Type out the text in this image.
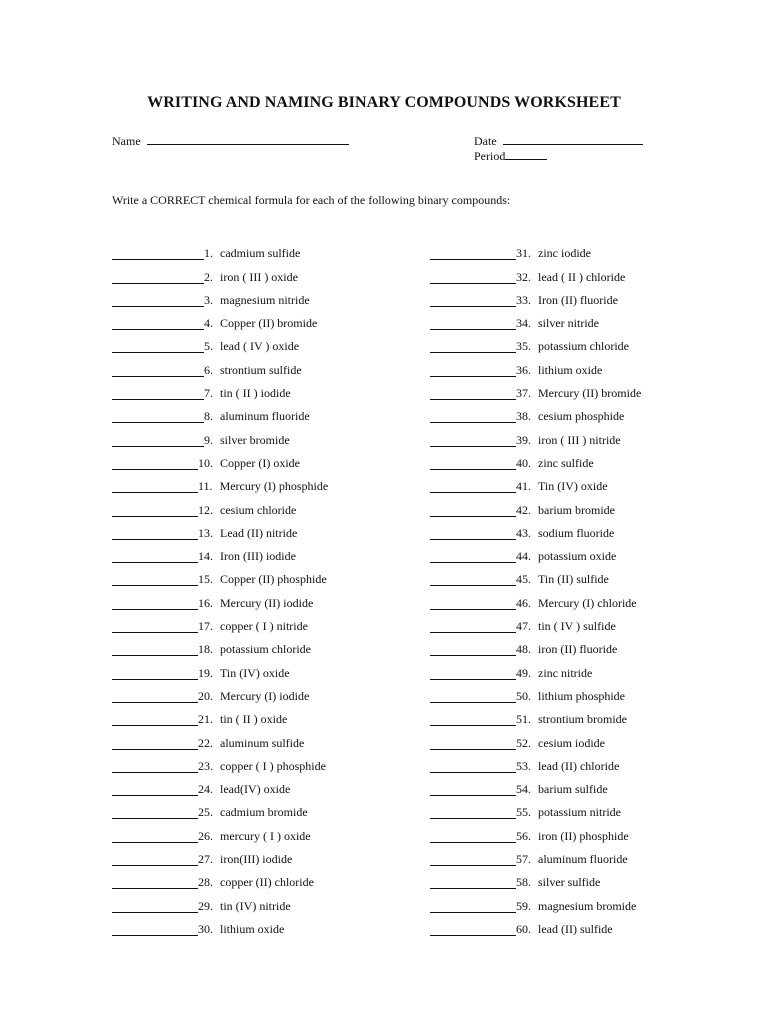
WRITING AND NAMING BINARY COMPOUNDS WORKSHEET
Name	Date
Period
Write a CORRECT chemical formula for each of the following binary compounds:
1. cadmium sulfide
2. iron ( III ) oxide
3. magnesium nitride
4. Copper (II) bromide
5. lead ( IV ) oxide
6. strontium sulfide
7. tin ( II ) iodide
8. aluminum fluoride
9. silver bromide
10. Copper (I) oxide
11. Mercury (I) phosphide
12. cesium chloride
13. Lead (II) nitride
14. Iron (III) iodide
15. Copper (II) phosphide
16. Mercury (II) iodide
17. copper ( I ) nitride
18. potassium chloride
19. Tin (IV) oxide
20. Mercury (I) iodide
21. tin ( II ) oxide
22. aluminum sulfide
23. copper ( I ) phosphide
24. lead(IV) oxide
25. cadmium bromide
26. mercury ( I ) oxide
27. iron(III) iodide
28. copper (II) chloride
29. tin (IV) nitride
30. lithium oxide
31. zinc iodide
32. lead ( II ) chloride
33. Iron (II) fluoride
34. silver nitride
35. potassium chloride
36. lithium oxide
37. Mercury (II) bromide
38. cesium phosphide
39. iron ( III ) nitride
40. zinc sulfide
41. Tin (IV) oxide
42. barium bromide
43. sodium fluoride
44. potassium oxide
45. Tin (II) sulfide
46. Mercury (I) chloride
47. tin ( IV ) sulfide
48. iron (II) fluoride
49. zinc nitride
50. lithium phosphide
51. strontium bromide
52. cesium iodide
53. lead (II) chloride
54. barium sulfide
55. potassium nitride
56. iron (II) phosphide
57. aluminum fluoride
58. silver sulfide
59. magnesium bromide
60. lead (II) sulfide
